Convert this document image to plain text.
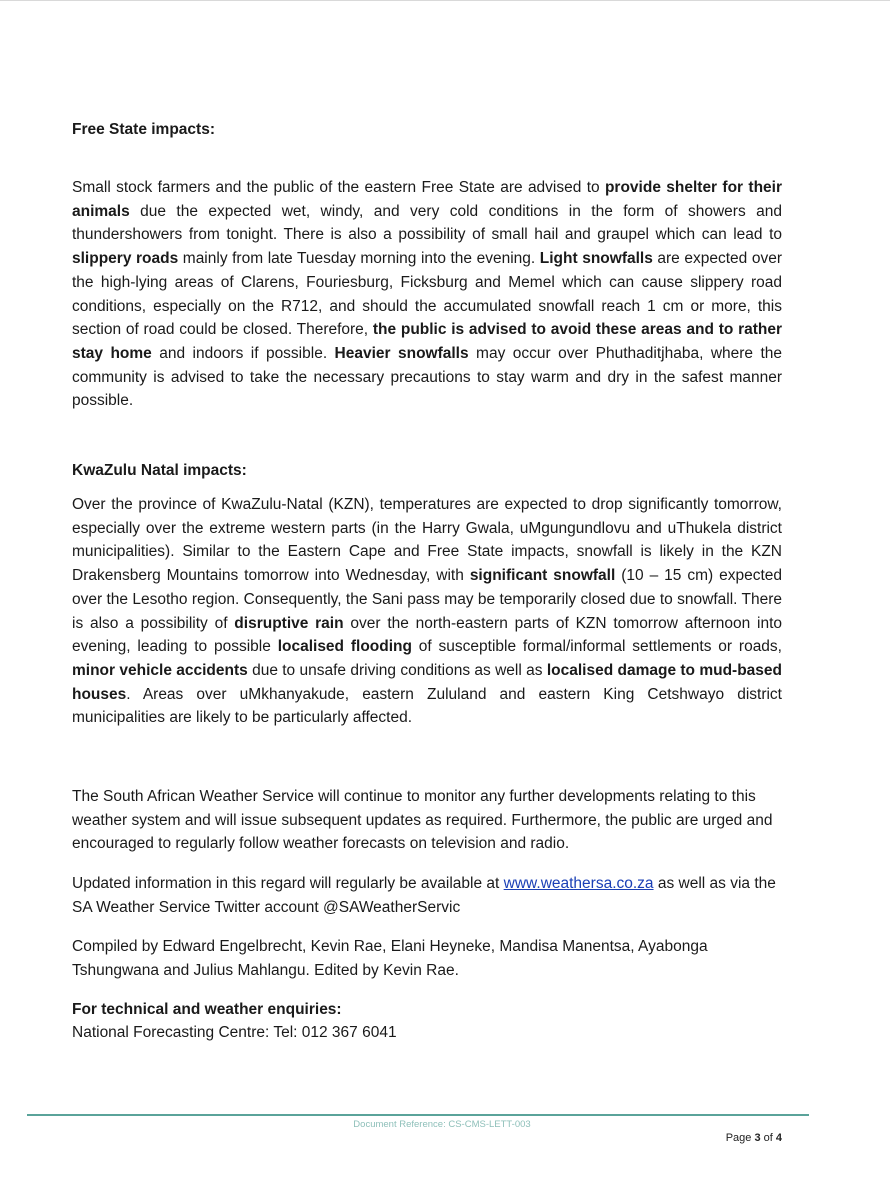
Free State impacts:

Small stock farmers and the public of the eastern Free State are advised to provide shelter for their animals due the expected wet, windy, and very cold conditions in the form of showers and thundershowers from tonight. There is also a possibility of small hail and graupel which can lead to slippery roads mainly from late Tuesday morning into the evening. Light snowfalls are expected over the high-lying areas of Clarens, Fouriesburg, Ficksburg and Memel which can cause slippery road conditions, especially on the R712, and should the accumulated snowfall reach 1 cm or more, this section of road could be closed. Therefore, the public is advised to avoid these areas and to rather stay home and indoors if possible. Heavier snowfalls may occur over Phuthaditjhaba, where the community is advised to take the necessary precautions to stay warm and dry in the safest manner possible.

KwaZulu Natal impacts:

Over the province of KwaZulu-Natal (KZN), temperatures are expected to drop significantly tomorrow, especially over the extreme western parts (in the Harry Gwala, uMgungundlovu and uThukela district municipalities). Similar to the Eastern Cape and Free State impacts, snowfall is likely in the KZN Drakensberg Mountains tomorrow into Wednesday, with significant snowfall (10 – 15 cm) expected over the Lesotho region. Consequently, the Sani pass may be temporarily closed due to snowfall. There is also a possibility of disruptive rain over the north-eastern parts of KZN tomorrow afternoon into evening, leading to possible localised flooding of susceptible formal/informal settlements or roads, minor vehicle accidents due to unsafe driving conditions as well as localised damage to mud-based houses. Areas over uMkhanyakude, eastern Zululand and eastern King Cetshwayo district municipalities are likely to be particularly affected.

The South African Weather Service will continue to monitor any further developments relating to this weather system and will issue subsequent updates as required. Furthermore, the public are urged and encouraged to regularly follow weather forecasts on television and radio.

Updated information in this regard will regularly be available at www.weathersa.co.za as well as via the SA Weather Service Twitter account @SAWeatherServic

Compiled by Edward Engelbrecht, Kevin Rae, Elani Heyneke, Mandisa Manentsa, Ayabonga Tshungwana and Julius Mahlangu. Edited by Kevin Rae.

For technical and weather enquiries:

National Forecasting Centre: Tel: 012 367 6041

Document Reference: CS-CMS-LETT-003
Page 3 of 4
